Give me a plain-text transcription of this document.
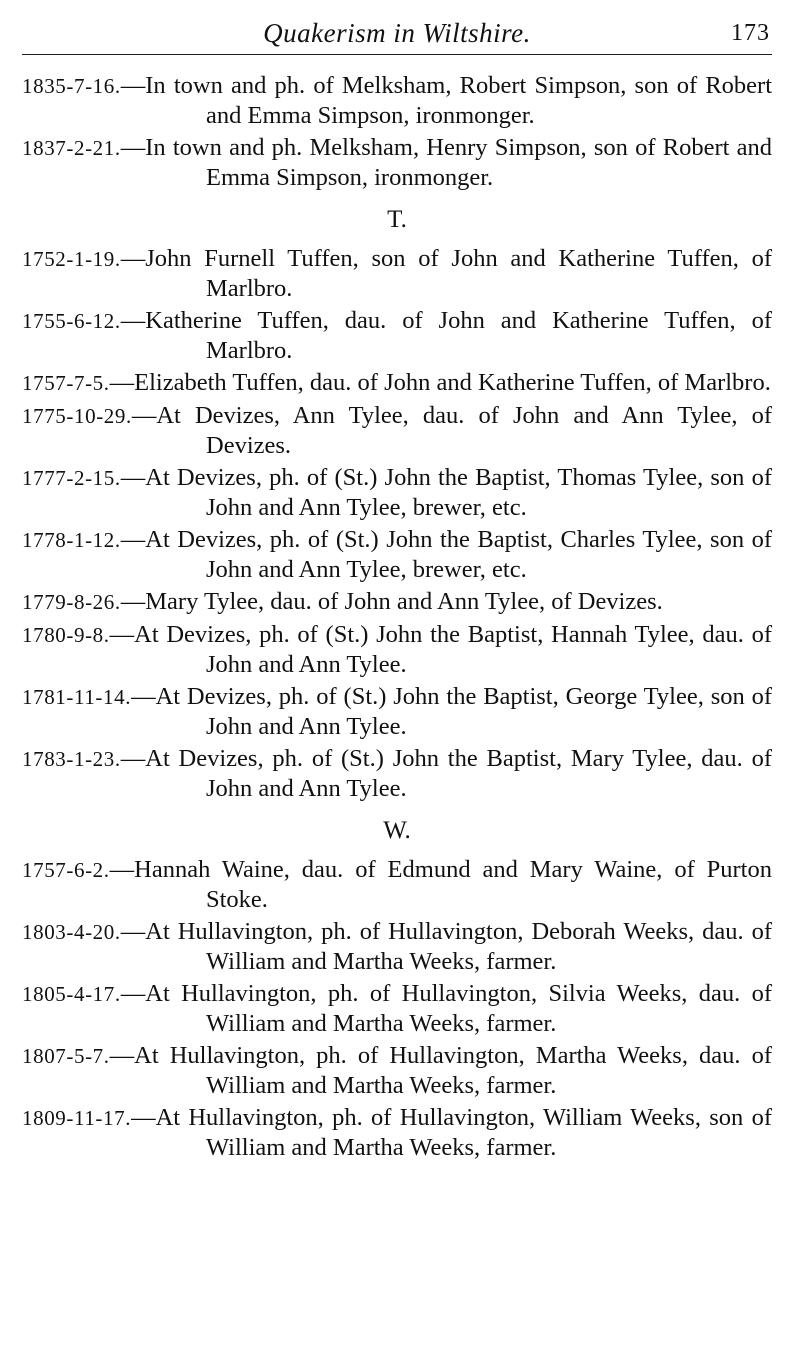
Quakerism in Wiltshire.	173
1835-7-16.—In town and ph. of Melksham, Robert Simpson, son of Robert and Emma Simpson, ironmonger.
1837-2-21.—In town and ph. Melksham, Henry Simpson, son of Robert and Emma Simpson, ironmonger.
T.
1752-1-19.—John Furnell Tuffen, son of John and Katherine Tuffen, of Marlbro.
1755-6-12.—Katherine Tuffen, dau. of John and Katherine Tuffen, of Marlbro.
1757-7-5.—Elizabeth Tuffen, dau. of John and Katherine Tuffen, of Marlbro.
1775-10-29.—At Devizes, Ann Tylee, dau. of John and Ann Tylee, of Devizes.
1777-2-15.—At Devizes, ph. of (St.) John the Baptist, Thomas Tylee, son of John and Ann Tylee, brewer, etc.
1778-1-12.—At Devizes, ph. of (St.) John the Baptist, Charles Tylee, son of John and Ann Tylee, brewer, etc.
1779-8-26.—Mary Tylee, dau. of John and Ann Tylee, of Devizes.
1780-9-8.—At Devizes, ph. of (St.) John the Baptist, Hannah Tylee, dau. of John and Ann Tylee.
1781-11-14.—At Devizes, ph. of (St.) John the Baptist, George Tylee, son of John and Ann Tylee.
1783-1-23.—At Devizes, ph. of (St.) John the Baptist, Mary Tylee, dau. of John and Ann Tylee.
W.
1757-6-2.—Hannah Waine, dau. of Edmund and Mary Waine, of Purton Stoke.
1803-4-20.—At Hullavington, ph. of Hullavington, Deborah Weeks, dau. of William and Martha Weeks, farmer.
1805-4-17.—At Hullavington, ph. of Hullavington, Silvia Weeks, dau. of William and Martha Weeks, farmer.
1807-5-7.—At Hullavington, ph. of Hullavington, Martha Weeks, dau. of William and Martha Weeks, farmer.
1809-11-17.—At Hullavington, ph. of Hullavington, William Weeks, son of William and Martha Weeks, farmer.
